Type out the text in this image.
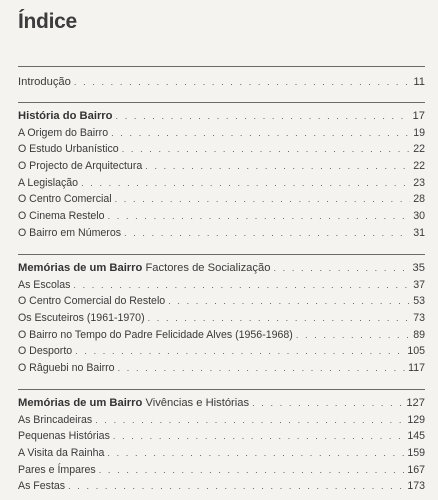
Índice
Introdução . . .	11
História do Bairro . . .	17
A Origem do Bairro . . .	19
O Estudo Urbanístico . . .	22
O Projecto de Arquitectura . . .	22
A Legislação . . .	23
O Centro Comercial . . .	28
O Cinema Restelo . . .	30
O Bairro em Números . . .	31
Memórias de um Bairro Factores de Socialização . . .	35
As Escolas . . .	37
O Centro Comercial do Restelo . . .	53
Os Escuteiros (1961-1970) . . .	73
O Bairro no Tempo do Padre Felicidade Alves (1956-1968) . . .	89
O Desporto . . .	105
O Râguebi no Bairro . . .	117
Memórias de um Bairro Vivências e Histórias . . .	127
As Brincadeiras . . .	129
Pequenas Histórias . . .	145
A Visita da Rainha . . .	159
Pares e Ímpares . . .	167
As Festas . . .	173
